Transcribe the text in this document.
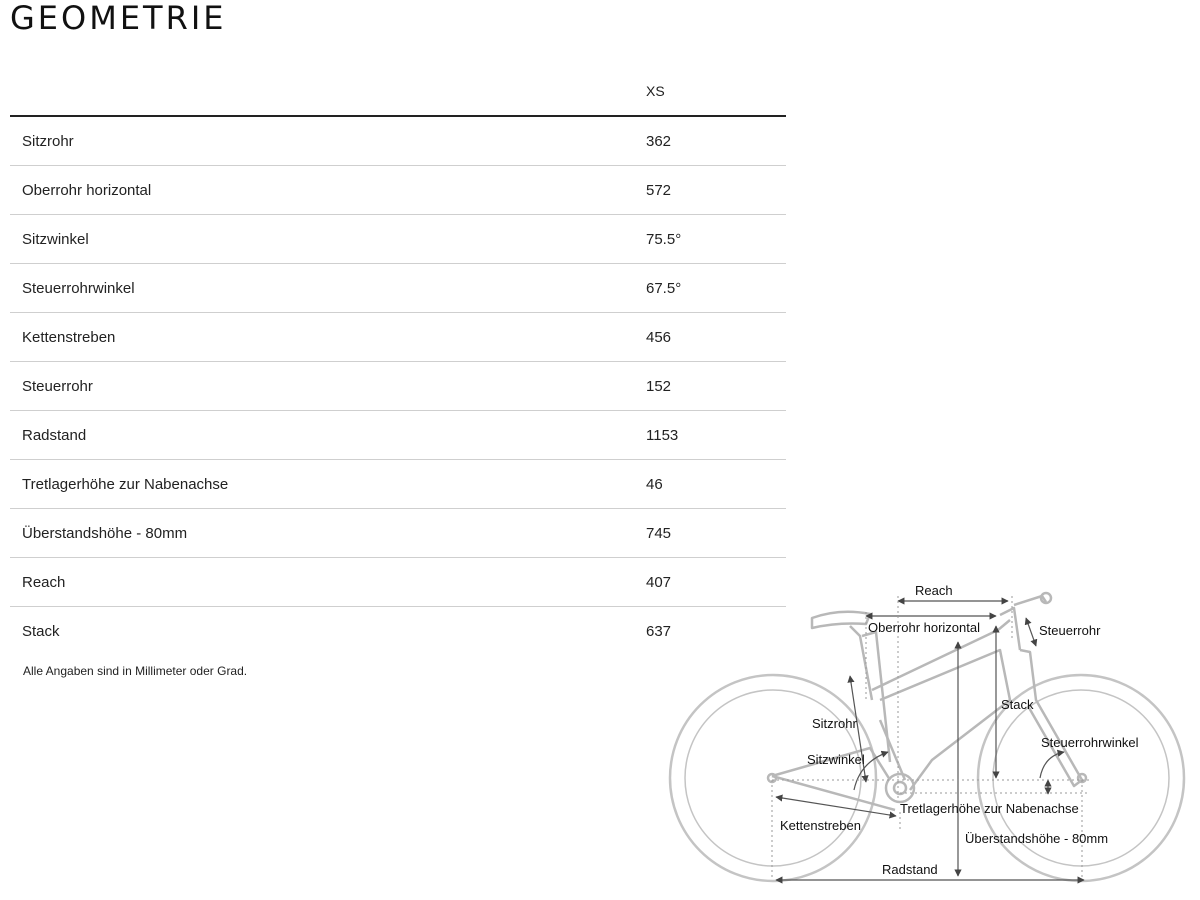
GEOMETRIE
	XS
Sitzrohr	362
Oberrohr horizontal	572
Sitzwinkel	75.5°
Steuerrohrwinkel	67.5°
Kettenstreben	456
Steuerrohr	152
Radstand	1153
Tretlagerhöhe zur Nabenachse	46
Überstandshöhe - 80mm	745
Reach	407
Stack	637

Alle Angaben sind in Millimeter oder Grad.

Reach
Oberrohr horizontal	Steuerrohr
Stack
Sitzrohr
Steuerrohrwinkel
Sitzwinkel
Tretlagerhöhe zur Nabenachse
Kettenstreben
Überstandshöhe - 80mm
Radstand
